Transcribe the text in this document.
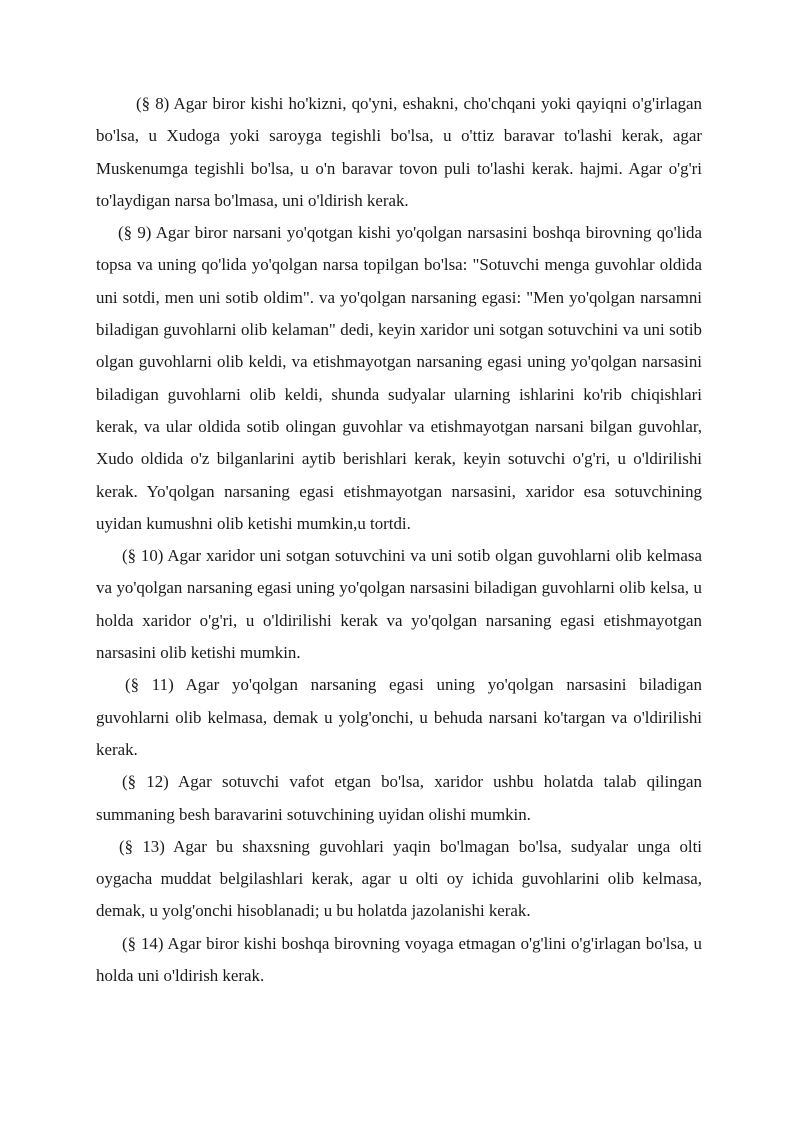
(§ 8) Agar biror kishi ho'kizni, qo'yni, eshakni, cho'chqani yoki qayiqni o'g'irlagan bo'lsa, u Xudoga yoki saroyga tegishli bo'lsa, u o'ttiz baravar to'lashi kerak, agar Muskenumga tegishli bo'lsa, u o'n baravar tovon puli to'lashi kerak. hajmi. Agar o'g'ri to'laydigan narsa bo'lmasa, uni o'ldirish kerak.

(§ 9) Agar biror narsani yo'qotgan kishi yo'qolgan narsasini boshqa birovning qo'lida topsa va uning qo'lida yo'qolgan narsa topilgan bo'lsa: "Sotuvchi menga guvohlar oldida uni sotdi, men uni sotib oldim". va yo'qolgan narsaning egasi: "Men yo'qolgan narsamni biladigan guvohlarni olib kelaman" dedi, keyin xaridor uni sotgan sotuvchini va uni sotib olgan guvohlarni olib keldi, va etishmayotgan narsaning egasi uning yo'qolgan narsasini biladigan guvohlarni olib keldi, shunda sudyalar ularning ishlarini ko'rib chiqishlari kerak, va ular oldida sotib olingan guvohlar va etishmayotgan narsani bilgan guvohlar, Xudo oldida o'z bilganlarini aytib berishlari kerak, keyin sotuvchi o'g'ri, u o'ldirilishi kerak. Yo'qolgan narsaning egasi etishmayotgan narsasini, xaridor esa sotuvchining uyidan kumushni olib ketishi mumkin,u tortdi.

(§ 10) Agar xaridor uni sotgan sotuvchini va uni sotib olgan guvohlarni olib kelmasa va yo'qolgan narsaning egasi uning yo'qolgan narsasini biladigan guvohlarni olib kelsa, u holda xaridor o'g'ri, u o'ldirilishi kerak va yo'qolgan narsaning egasi etishmayotgan narsasini olib ketishi mumkin.

(§ 11) Agar yo'qolgan narsaning egasi uning yo'qolgan narsasini biladigan guvohlarni olib kelmasa, demak u yolg'onchi, u behuda narsani ko'targan va o'ldirilishi kerak.

(§ 12) Agar sotuvchi vafot etgan bo'lsa, xaridor ushbu holatda talab qilingan summaning besh baravarini sotuvchining uyidan olishi mumkin.

(§ 13) Agar bu shaxsning guvohlari yaqin bo'lmagan bo'lsa, sudyalar unga olti oygacha muddat belgilashlari kerak, agar u olti oy ichida guvohlarini olib kelmasa, demak, u yolg'onchi hisoblanadi; u bu holatda jazolanishi kerak.

(§ 14) Agar biror kishi boshqa birovning voyaga etmagan o'g'lini o'g'irlagan bo'lsa, u holda uni o'ldirish kerak.
